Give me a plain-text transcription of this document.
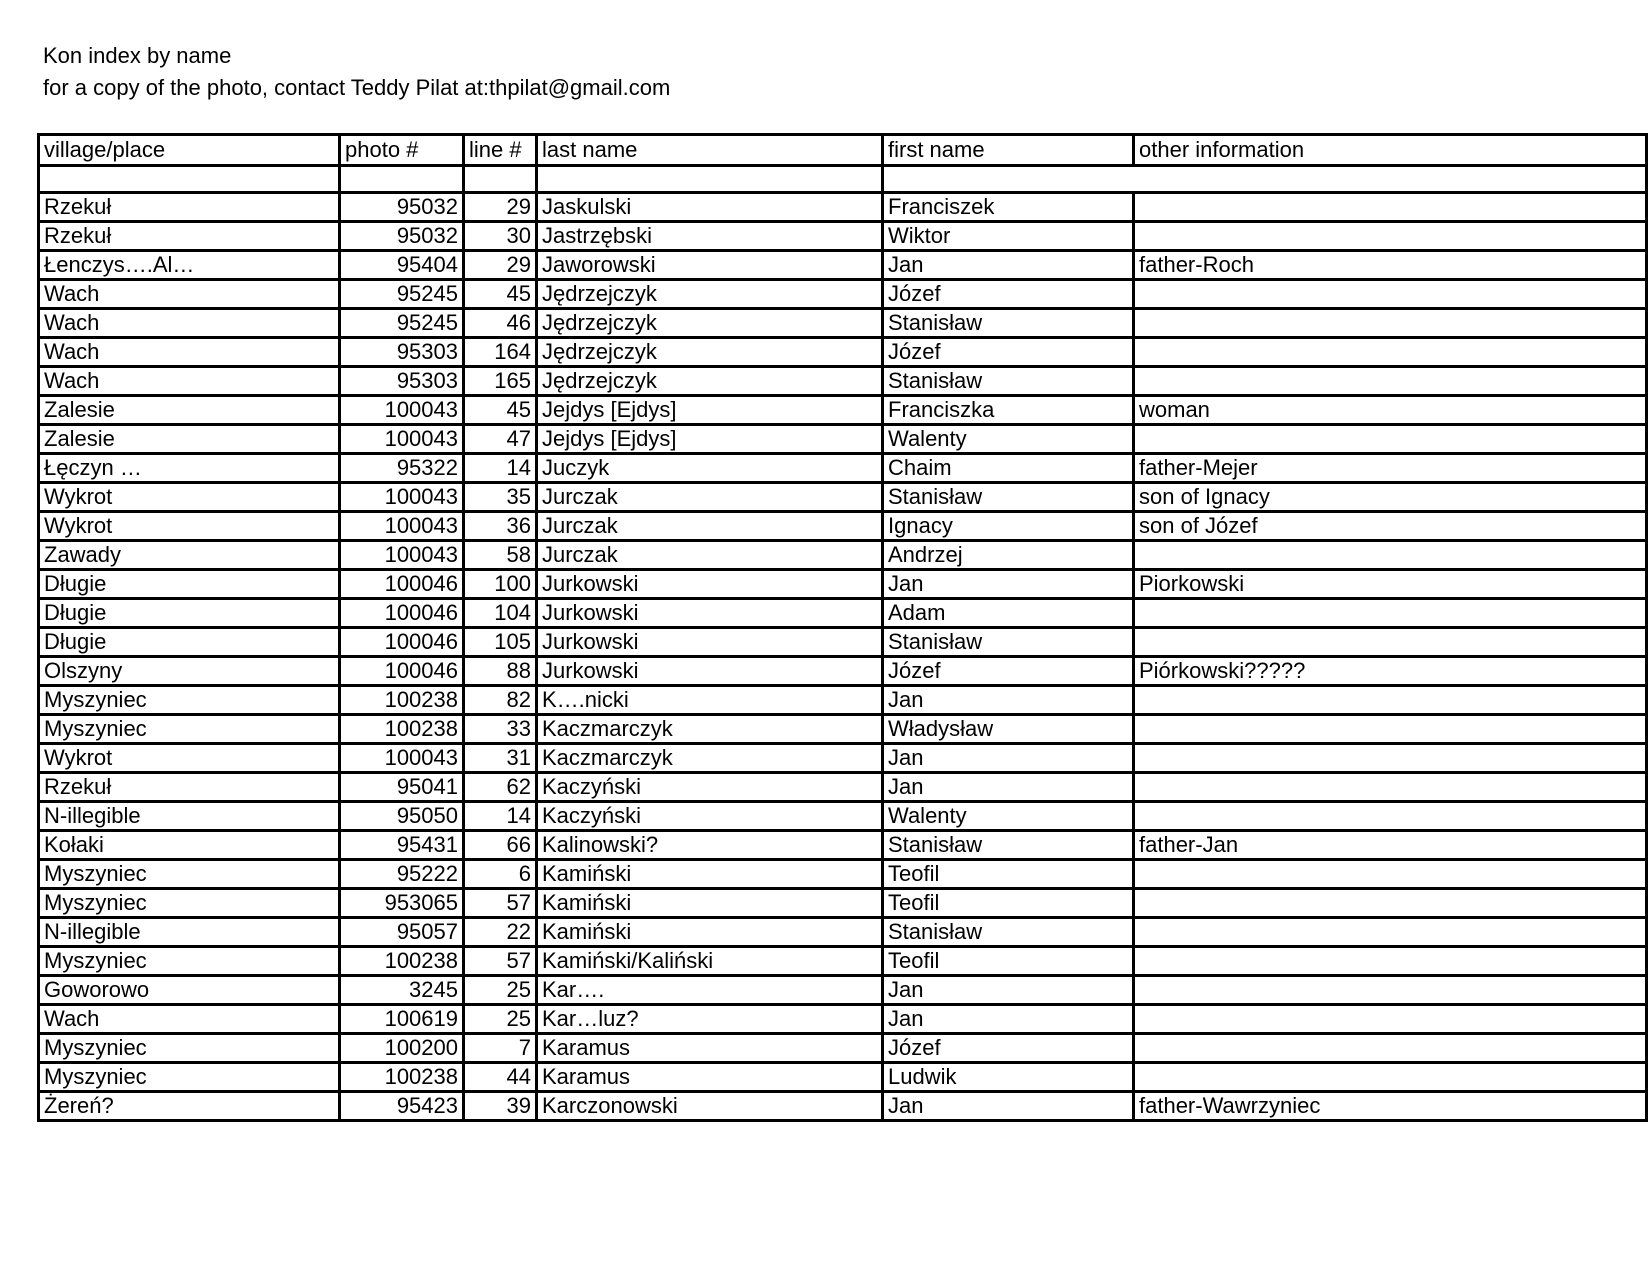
Kon index by name
for a copy of the photo, contact Teddy Pilat at:thpilat@gmail.com
village/place	photo #	line #	last name	first name	other information

Rzekuł	95032	29	Jaskulski	Franciszek	
Rzekuł	95032	30	Jastrzębski	Wiktor	
Łenczys….Al…	95404	29	Jaworowski	Jan	father-Roch
Wach	95245	45	Jędrzejczyk	Józef	
Wach	95245	46	Jędrzejczyk	Stanisław	
Wach	95303	164	Jędrzejczyk	Józef	
Wach	95303	165	Jędrzejczyk	Stanisław	
Zalesie	100043	45	Jejdys [Ejdys]	Franciszka	woman
Zalesie	100043	47	Jejdys [Ejdys]	Walenty	
Łęczyn …	95322	14	Juczyk	Chaim	father-Mejer
Wykrot	100043	35	Jurczak	Stanisław	son of Ignacy
Wykrot	100043	36	Jurczak	Ignacy	son of Józef
Zawady	100043	58	Jurczak	Andrzej	
Długie	100046	100	Jurkowski	Jan	Piorkowski
Długie	100046	104	Jurkowski	Adam	
Długie	100046	105	Jurkowski	Stanisław	
Olszyny	100046	88	Jurkowski	Józef	Piórkowski?????
Myszyniec	100238	82	K….nicki	Jan	
Myszyniec	100238	33	Kaczmarczyk	Władysław	
Wykrot	100043	31	Kaczmarczyk	Jan	
Rzekuł	95041	62	Kaczyński	Jan	
N-illegible	95050	14	Kaczyński	Walenty	
Kołaki	95431	66	Kalinowski?	Stanisław	father-Jan
Myszyniec	95222	6	Kamiński	Teofil	
Myszyniec	953065	57	Kamiński	Teofil	
N-illegible	95057	22	Kamiński	Stanisław	
Myszyniec	100238	57	Kamiński/Kaliński	Teofil	
Goworowo	3245	25	Kar….	Jan	
Wach	100619	25	Kar…luz?	Jan	
Myszyniec	100200	7	Karamus	Józef	
Myszyniec	100238	44	Karamus	Ludwik	
Żereń?	95423	39	Karczonowski	Jan	father-Wawrzyniec
